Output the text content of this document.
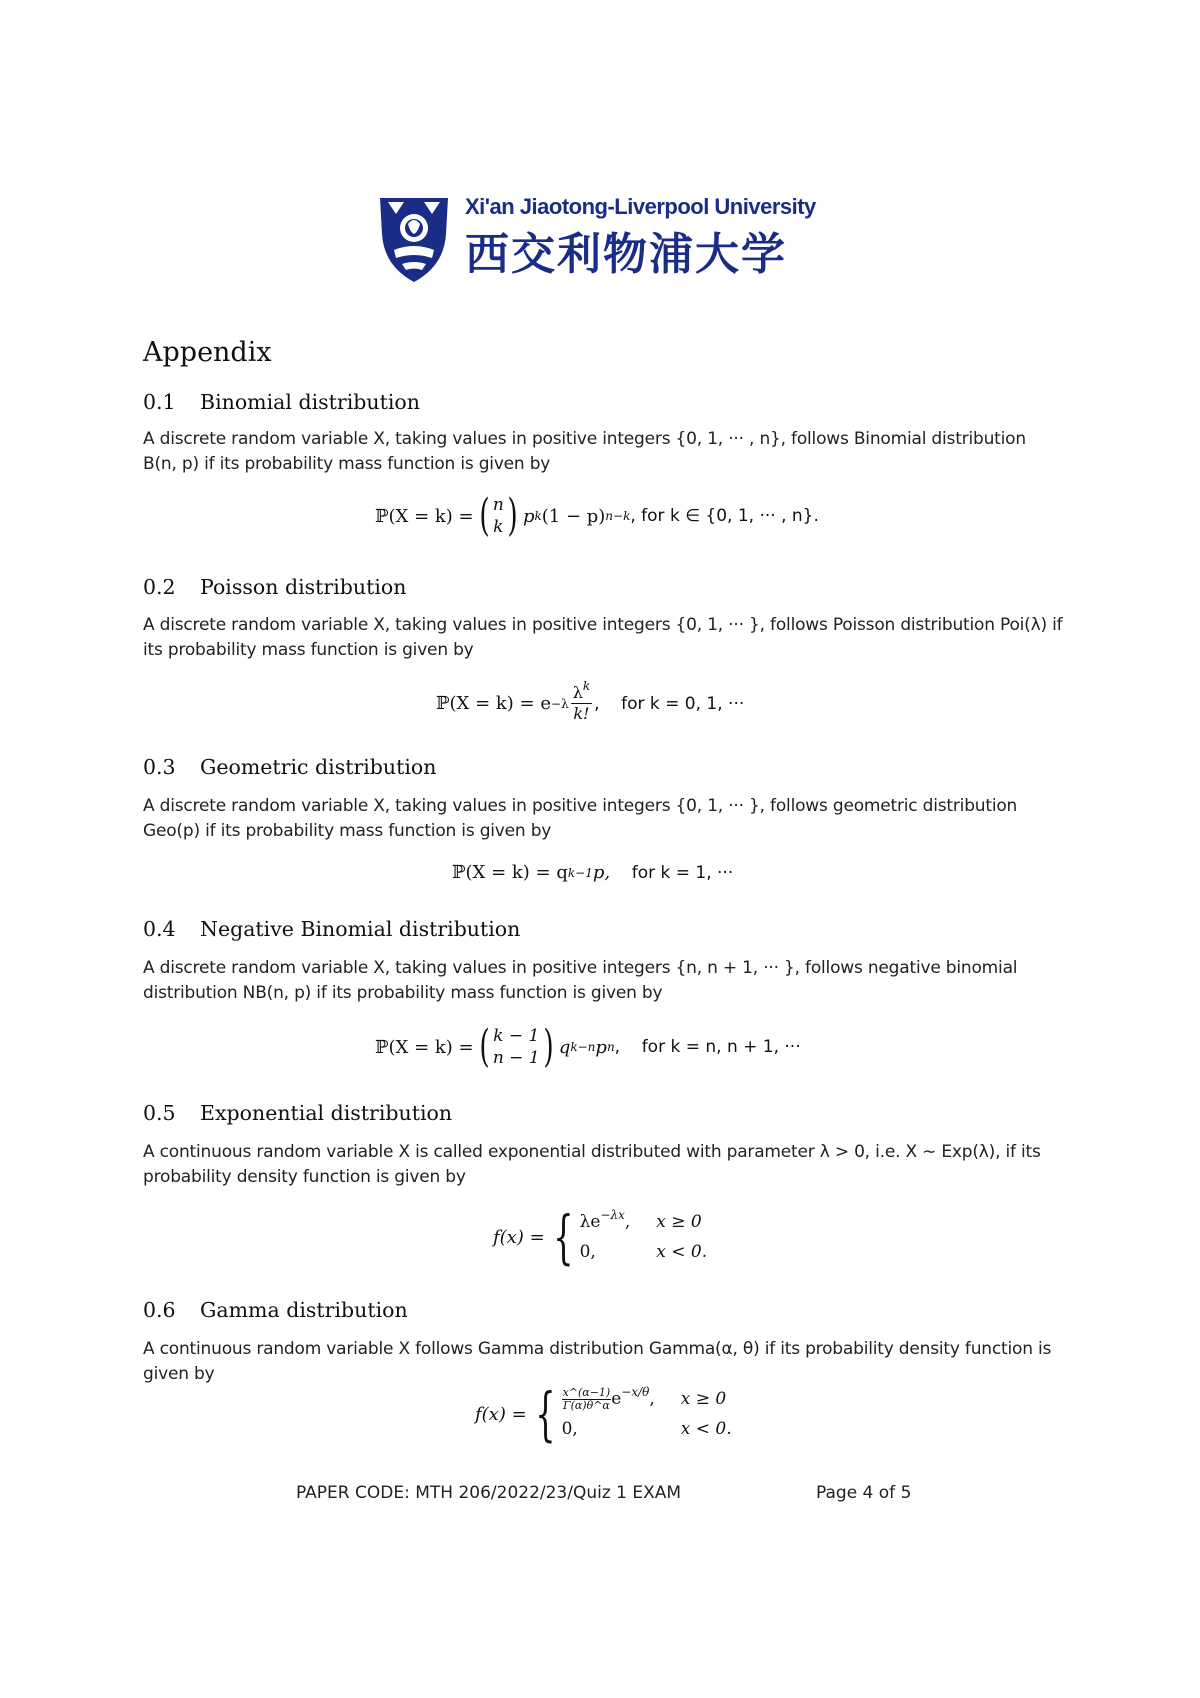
Xi'an Jiaotong-Liverpool University
西交利物浦大学
Appendix
0.1 Binomial distribution
A discrete random variable X, taking values in positive integers {0, 1, ··· , n}, follows Binomial distribution B(n, p) if its probability mass function is given by
ℙ(X = k) = ( n
k ) p k (1 − p) n−k , for k ∈ {0, 1, ··· , n}.
0.2 Poisson distribution
A discrete random variable X, taking values in positive integers {0, 1, ··· }, follows Poisson distribution Poi(λ) if its probability mass function is given by
ℙ(X = $k) = e -\lambda \frac{\lambda^k}{k!}$ ,    for k = 0, 1, ···
0.3 Geometric distribution
A discrete random variable X, taking values in positive integers {0, 1, ··· }, follows geometric distribution Geo(p) if its probability mass function is given by
ℙ(X = k) = q k−1 p, for k = 1, ···
0.4 Negative Binomial distribution
A discrete random variable X, taking values in positive integers {n, n + 1, ··· }, follows negative binomial distribution NB(n, p) if its probability mass function is given by
ℙ(X = k) = ( k − 1
n − 1 ) q k−n p n ,    for k = n, n + 1, ···
0.5 Exponential distribution
A continuous random variable X is called exponential distributed with parameter λ > 0, i.e. X ∼ Exp(λ), if its probability density function is given by
f(x) = { $\lambda e^{-\lambda x}$, x ≥ 0
0,	x < 0.
0.6 Gamma distribution
A continuous random variable X follows Gamma distribution Gamma(α, θ) if its probability density function is given by
f(x) = { $\frac{x\^{}(\alpha-1)}{\Gamma(\alpha)\theta\^{}\alpha} e^{-x/\theta}$, x ≥ 0
0,	x < 0.
PAPER CODE: MTH 206/2022/23/Quiz 1 EXAM	Page 4 of 5
